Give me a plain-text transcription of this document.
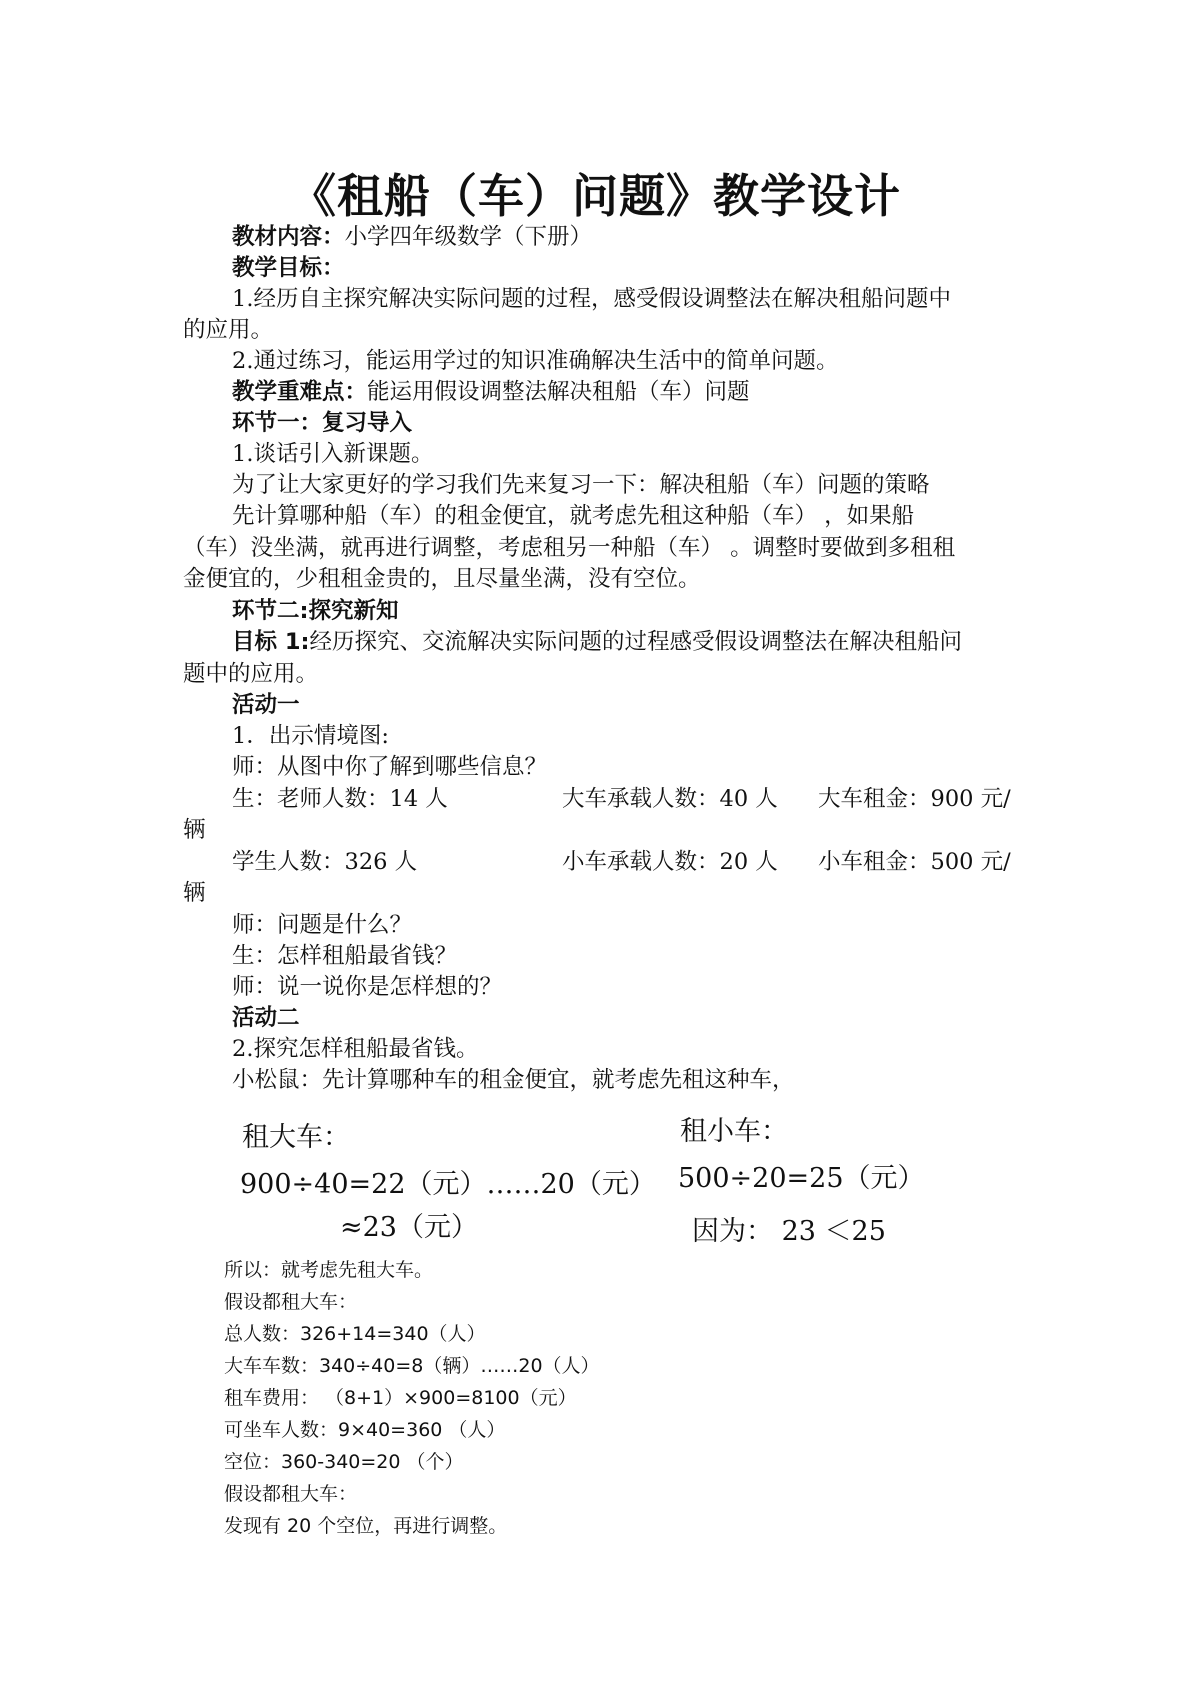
《租船（车）问题》教学设计
教材内容：小学四年级数学（下册）
教学目标：
1.经历自主探究解决实际问题的过程，感受假设调整法在解决租船问题中
的应用。
2.通过练习，能运用学过的知识准确解决生活中的简单问题。
教学重难点：能运用假设调整法解决租船（车）问题
环节一：复习导入
1.谈话引入新课题。
为了让大家更好的学习我们先来复习一下：解决租船（车）问题的策略
先计算哪种船（车）的租金便宜，就考虑先租这种船（车） ，如果船
（车）没坐满，就再进行调整，考虑租另一种船（车） 。调整时要做到多租租
金便宜的，少租租金贵的，且尽量坐满，没有空位。
环节二:探究新知
目标 1:经历探究、交流解决实际问题的过程感受假设调整法在解决租船问
题中的应用。
活动一
1．出示情境图:
师：从图中你了解到哪些信息？
生：老师人数：14 人	大车承载人数：40 人 大车租金：900 元/
辆
学生人数：326 人	小车承载人数：20 人 小车租金：500 元/
辆
师：问题是什么？
生：怎样租船最省钱？
师：说一说你是怎样想的？
活动二
2.探究怎样租船最省钱。
小松鼠：先计算哪种车的租金便宜，就考虑先租这种车，
租大车：
900÷40=22（元）……20（元）
≈23（元）
租小车：
500÷20=25（元）
因为： 23 ＜25
所以：就考虑先租大车。
假设都租大车：
总人数：326+14=340（人）
大车车数：340÷40=8（辆）……20（人）
租车费用： （8+1）×900=8100（元）
可坐车人数：9×40=360 （人）
空位：360-340=20 （个）
假设都租大车：
发现有 20 个空位，再进行调整。
